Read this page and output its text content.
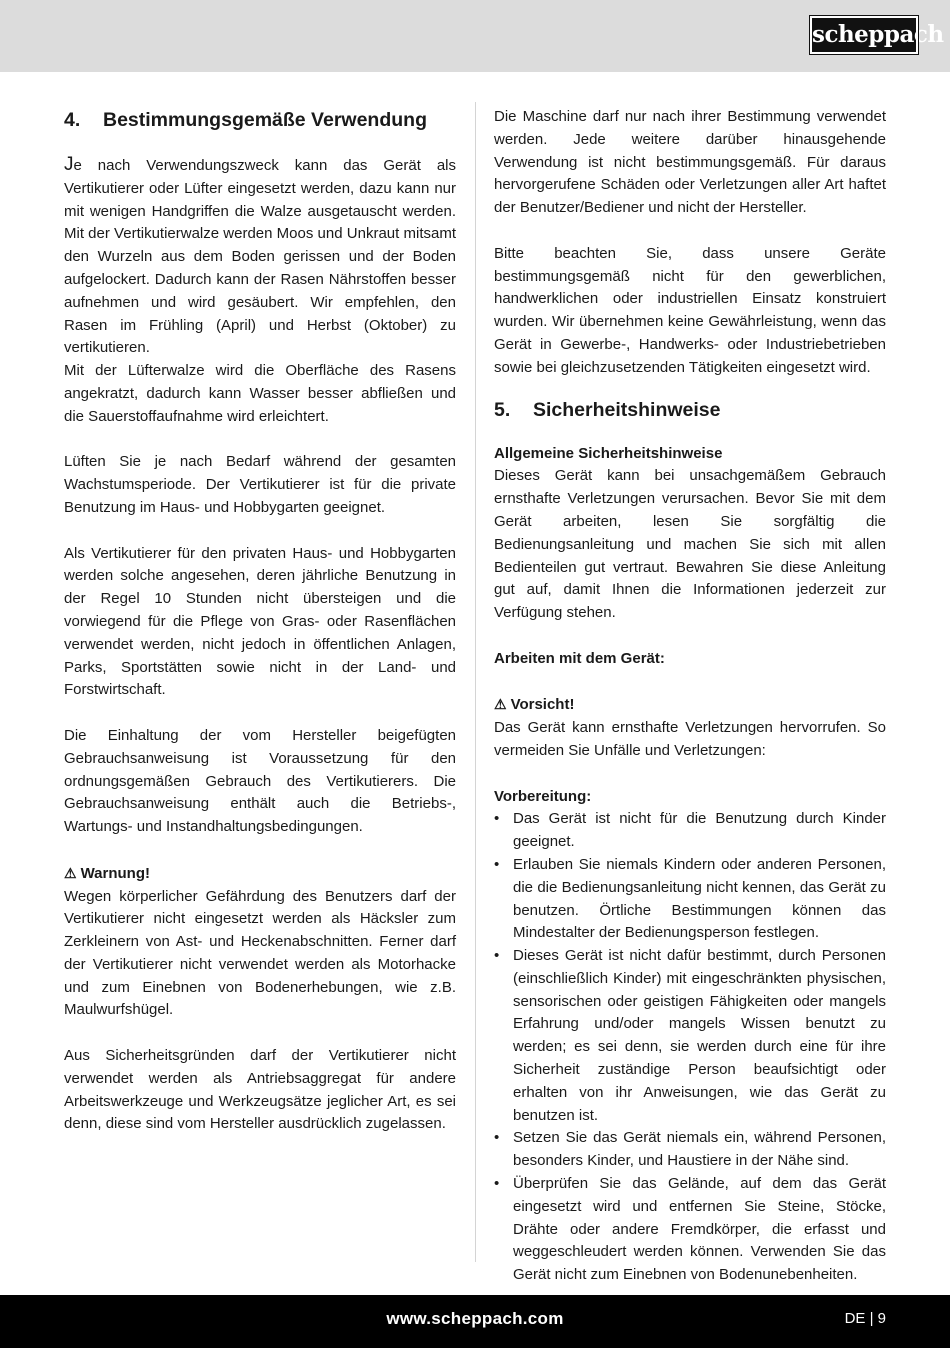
scheppach
4. Bestimmungsgemäße Verwendung

Je nach Verwendungszweck kann das Gerät als Vertikutierer oder Lüfter eingesetzt werden, dazu kann nur mit wenigen Handgriffen die Walze ausgetauscht werden. Mit der Vertikutierwalze werden Moos und Unkraut mitsamt den Wurzeln aus dem Boden gerissen und der Boden aufgelockert. Dadurch kann der Rasen Nährstoffen besser aufnehmen und wird gesäubert. Wir empfehlen, den Rasen im Frühling (April) und Herbst (Oktober) zu vertikutieren.

Mit der Lüfterwalze wird die Oberfläche des Rasens angekratzt, dadurch kann Wasser besser abfließen und die Sauerstoffaufnahme wird erleichtert.

Lüften Sie je nach Bedarf während der gesamten Wachstumsperiode. Der Vertikutierer ist für die private Benutzung im Haus- und Hobbygarten geeignet.

Als Vertikutierer für den privaten Haus- und Hobbygarten werden solche angesehen, deren jährliche Benutzung in der Regel 10 Stunden nicht übersteigen und die vorwiegend für die Pflege von Gras- oder Rasenflächen verwendet werden, nicht jedoch in öffentlichen Anlagen, Parks, Sportstätten sowie nicht in der Land- und Forstwirtschaft.

Die Einhaltung der vom Hersteller beigefügten Gebrauchsanweisung ist Voraussetzung für den ordnungsgemäßen Gebrauch des Vertikutierers. Die Gebrauchsanweisung enthält auch die Betriebs-, Wartungs- und Instandhaltungsbedingungen.

⚠ Warnung!

Wegen körperlicher Gefährdung des Benutzers darf der Vertikutierer nicht eingesetzt werden als Häcksler zum Zerkleinern von Ast- und Heckenabschnitten. Ferner darf der Vertikutierer nicht verwendet werden als Motorhacke und zum Einebnen von Bodenerhebungen, wie z.B. Maulwurfshügel.

Aus Sicherheitsgründen darf der Vertikutierer nicht verwendet werden als Antriebsaggregat für andere Arbeitswerkzeuge und Werkzeugsätze jeglicher Art, es sei denn, diese sind vom Hersteller ausdrücklich zugelassen.

Die Maschine darf nur nach ihrer Bestimmung verwendet werden. Jede weitere darüber hinausgehende Verwendung ist nicht bestimmungsgemäß. Für daraus hervorgerufene Schäden oder Verletzungen aller Art haftet der Benutzer/Bediener und nicht der Hersteller.

Bitte beachten Sie, dass unsere Geräte bestimmungsgemäß nicht für den gewerblichen, handwerklichen oder industriellen Einsatz konstruiert wurden. Wir übernehmen keine Gewährleistung, wenn das Gerät in Gewerbe-, Handwerks- oder Industriebetrieben sowie bei gleichzusetzenden Tätigkeiten eingesetzt wird.

5. Sicherheitshinweise

Allgemeine Sicherheitshinweise

Dieses Gerät kann bei unsachgemäßem Gebrauch ernsthafte Verletzungen verursachen. Bevor Sie mit dem Gerät arbeiten, lesen Sie sorgfältig die Bedienungsanleitung und machen Sie sich mit allen Bedienteilen gut vertraut. Bewahren Sie diese Anleitung gut auf, damit Ihnen die Informationen jederzeit zur Verfügung stehen.

Arbeiten mit dem Gerät:

⚠ Vorsicht!

Das Gerät kann ernsthafte Verletzungen hervorrufen. So vermeiden Sie Unfälle und Verletzungen:

Vorbereitung:

• Das Gerät ist nicht für die Benutzung durch Kinder geeignet.
• Erlauben Sie niemals Kindern oder anderen Personen, die die Bedienungsanleitung nicht kennen, das Gerät zu benutzen. Örtliche Bestimmungen können das Mindestalter der Bedienungsperson festlegen.
• Dieses Gerät ist nicht dafür bestimmt, durch Personen (einschließlich Kinder) mit eingeschränkten physischen, sensorischen oder geistigen Fähigkeiten oder mangels Erfahrung und/oder mangels Wissen benutzt zu werden; es sei denn, sie werden durch eine für ihre Sicherheit zuständige Person beaufsichtigt oder erhalten von ihr Anweisungen, wie das Gerät zu benutzen ist.
• Setzen Sie das Gerät niemals ein, während Personen, besonders Kinder, und Haustiere in der Nähe sind.
• Überprüfen Sie das Gelände, auf dem das Gerät eingesetzt wird und entfernen Sie Steine, Stöcke, Drähte oder andere Fremdkörper, die erfasst und weggeschleudert werden können. Verwenden Sie das Gerät nicht zum Einebnen von Bodenunebenheiten.
www.scheppach.com	DE | 9
